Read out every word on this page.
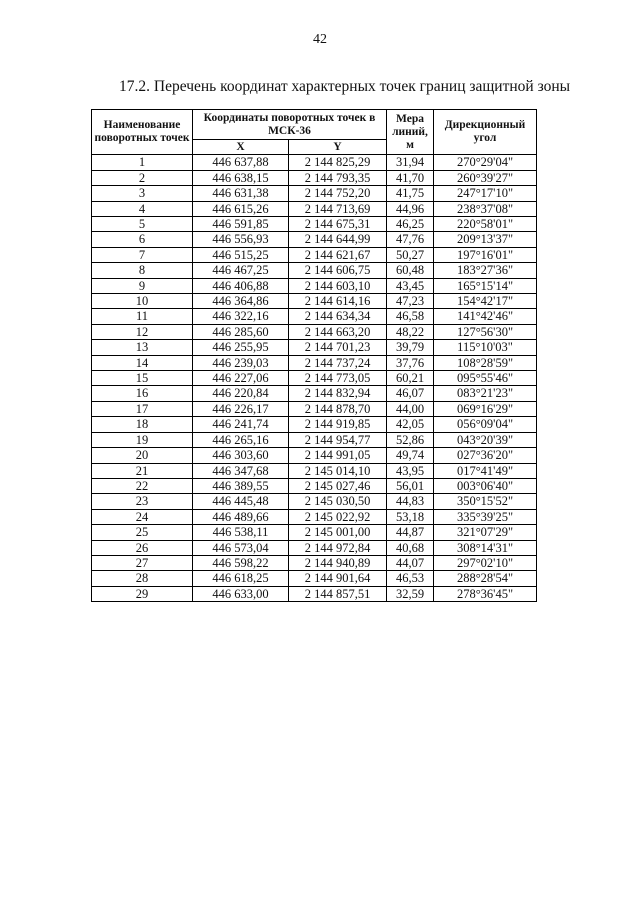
42
17.2. Перечень координат характерных точек границ защитной зоны
Наименование поворотных точек	Координаты поворотных точек в МСК-36		Мера линий, м	Дирекционный угол
	X	Y		
1	446 637,88	2 144 825,29	31,94	270°29'04"
2	446 638,15	2 144 793,35	41,70	260°39'27"
3	446 631,38	2 144 752,20	41,75	247°17'10"
4	446 615,26	2 144 713,69	44,96	238°37'08"
5	446 591,85	2 144 675,31	46,25	220°58'01"
6	446 556,93	2 144 644,99	47,76	209°13'37"
7	446 515,25	2 144 621,67	50,27	197°16'01"
8	446 467,25	2 144 606,75	60,48	183°27'36"
9	446 406,88	2 144 603,10	43,45	165°15'14"
10	446 364,86	2 144 614,16	47,23	154°42'17"
11	446 322,16	2 144 634,34	46,58	141°42'46"
12	446 285,60	2 144 663,20	48,22	127°56'30"
13	446 255,95	2 144 701,23	39,79	115°10'03"
14	446 239,03	2 144 737,24	37,76	108°28'59"
15	446 227,06	2 144 773,05	60,21	095°55'46"
16	446 220,84	2 144 832,94	46,07	083°21'23"
17	446 226,17	2 144 878,70	44,00	069°16'29"
18	446 241,74	2 144 919,85	42,05	056°09'04"
19	446 265,16	2 144 954,77	52,86	043°20'39"
20	446 303,60	2 144 991,05	49,74	027°36'20"
21	446 347,68	2 145 014,10	43,95	017°41'49"
22	446 389,55	2 145 027,46	56,01	003°06'40"
23	446 445,48	2 145 030,50	44,83	350°15'52"
24	446 489,66	2 145 022,92	53,18	335°39'25"
25	446 538,11	2 145 001,00	44,87	321°07'29"
26	446 573,04	2 144 972,84	40,68	308°14'31"
27	446 598,22	2 144 940,89	44,07	297°02'10"
28	446 618,25	2 144 901,64	46,53	288°28'54"
29	446 633,00	2 144 857,51	32,59	278°36'45"
